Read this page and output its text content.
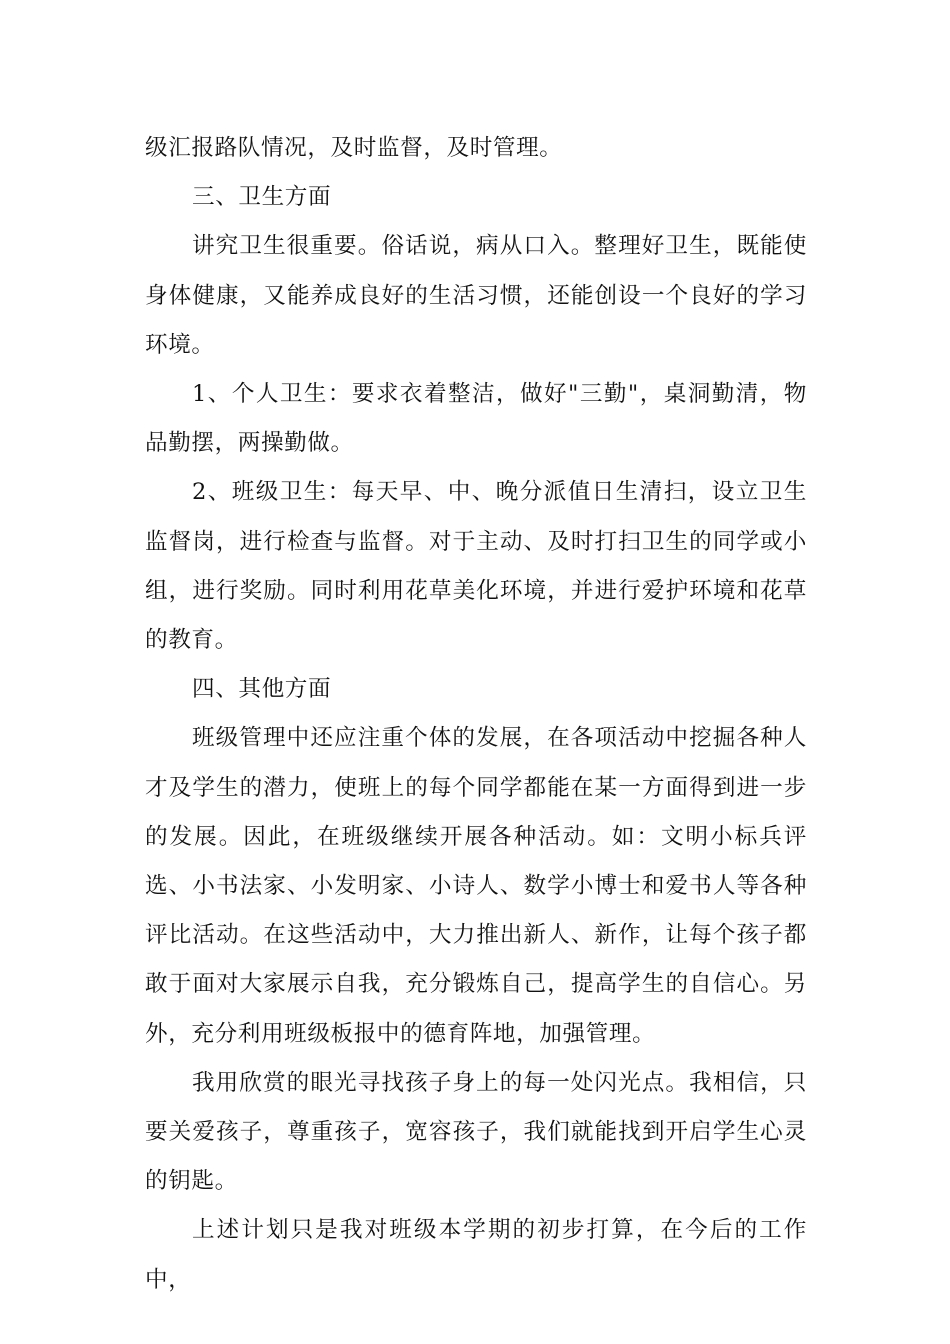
级汇报路队情况，及时监督，及时管理。

三、卫生方面

讲究卫生很重要。俗话说，病从口入。整理好卫生，既能使身体健康，又能养成良好的生活习惯，还能创设一个良好的学习环境。

1、个人卫生：要求衣着整洁，做好"三勤"，桌洞勤清，物品勤摆，两操勤做。

2、班级卫生：每天早、中、晚分派值日生清扫，设立卫生监督岗，进行检查与监督。对于主动、及时打扫卫生的同学或小组，进行奖励。同时利用花草美化环境，并进行爱护环境和花草的教育。

四、其他方面

班级管理中还应注重个体的发展，在各项活动中挖掘各种人才及学生的潜力，使班上的每个同学都能在某一方面得到进一步的发展。因此，在班级继续开展各种活动。如：文明小标兵评选、小书法家、小发明家、小诗人、数学小博士和爱书人等各种评比活动。在这些活动中，大力推出新人、新作，让每个孩子都敢于面对大家展示自我，充分锻炼自己，提高学生的自信心。另外，充分利用班级板报中的德育阵地，加强管理。

我用欣赏的眼光寻找孩子身上的每一处闪光点。我相信，只要关爱孩子，尊重孩子，宽容孩子，我们就能找到开启学生心灵的钥匙。

上述计划只是我对班级本学期的初步打算，在今后的工作中，
